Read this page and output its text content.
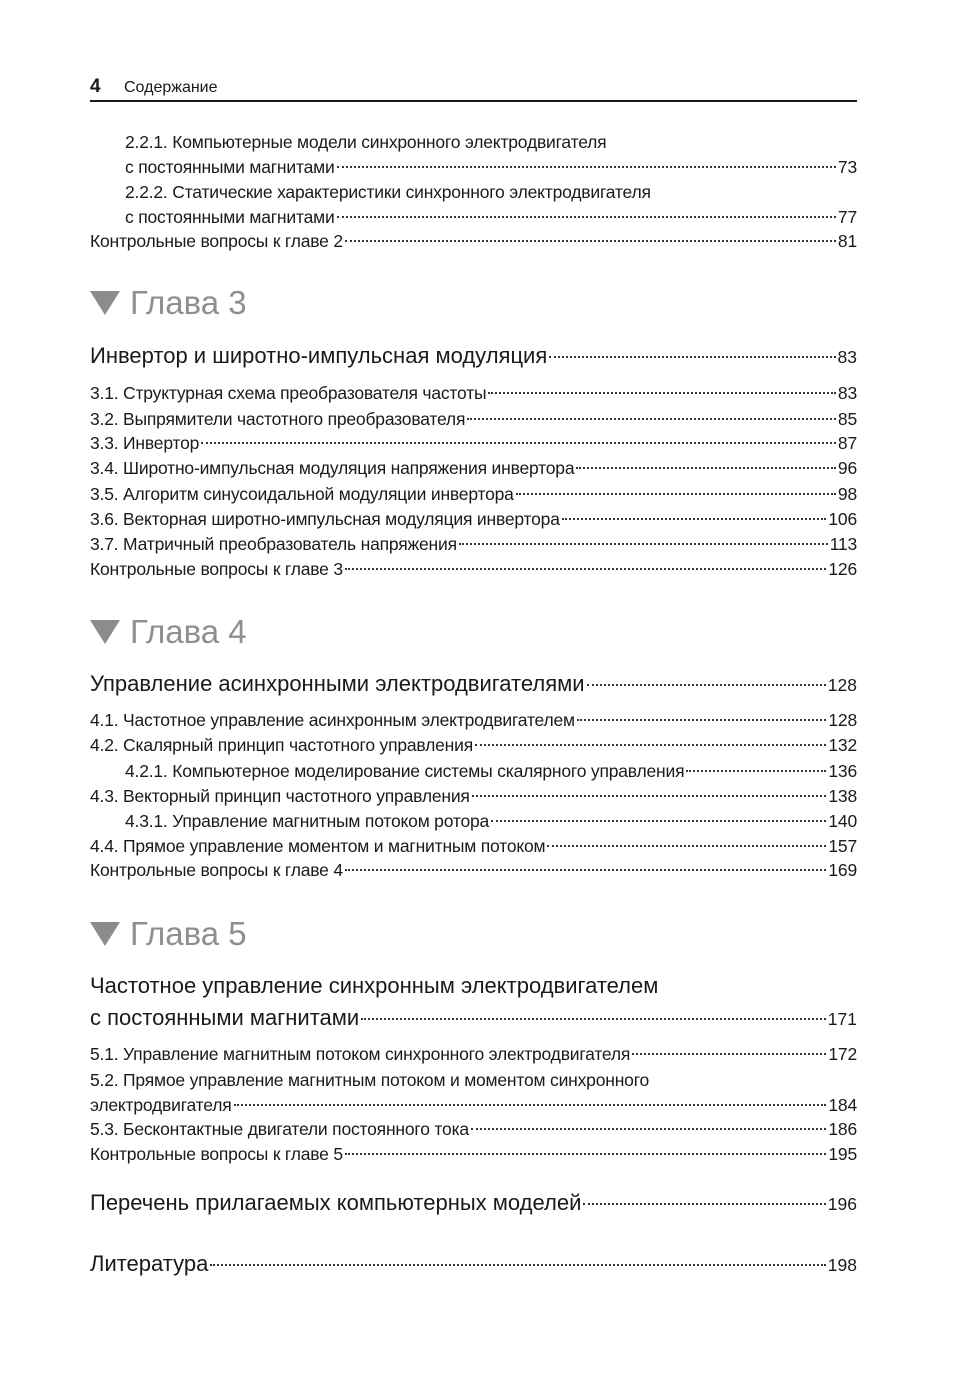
4 Содержание
2.2.1. Компьютерные модели синхронного электродвигателя
с постоянными магнитами	73
2.2.2. Статические характеристики синхронного электродвигателя
с постоянными магнитами	77
Контрольные вопросы к главе 2	81
Глава 3
Инвертор и широтно-импульсная модуляция	83
3.1. Структурная схема преобразователя частоты	83
3.2. Выпрямители частотного преобразователя	85
3.3. Инвертор	87
3.4. Широтно-импульсная модуляция напряжения инвертора	96
3.5. Алгоритм синусоидальной модуляции инвертора	98
3.6. Векторная широтно-импульсная модуляция инвертора	106
3.7. Матричный преобразователь напряжения	113
Контрольные вопросы к главе 3	126
Глава 4
Управление асинхронными электродвигателями	128
4.1. Частотное управление асинхронным электродвигателем	128
4.2. Скалярный принцип частотного управления	132
4.2.1. Компьютерное моделирование системы скалярного управления	136
4.3. Векторный принцип частотного управления	138
4.3.1. Управление магнитным потоком ротора	140
4.4. Прямое управление моментом и магнитным потоком	157
Контрольные вопросы к главе 4	169
Глава 5
Частотное управление синхронным электродвигателем
с постоянными магнитами	171
5.1. Управление магнитным потоком синхронного электродвигателя	172
5.2. Прямое управление магнитным потоком и моментом синхронного
электродвигателя	184
5.3. Бесконтактные двигатели постоянного тока	186
Контрольные вопросы к главе 5	195
Перечень прилагаемых компьютерных моделей	196
Литература	198
